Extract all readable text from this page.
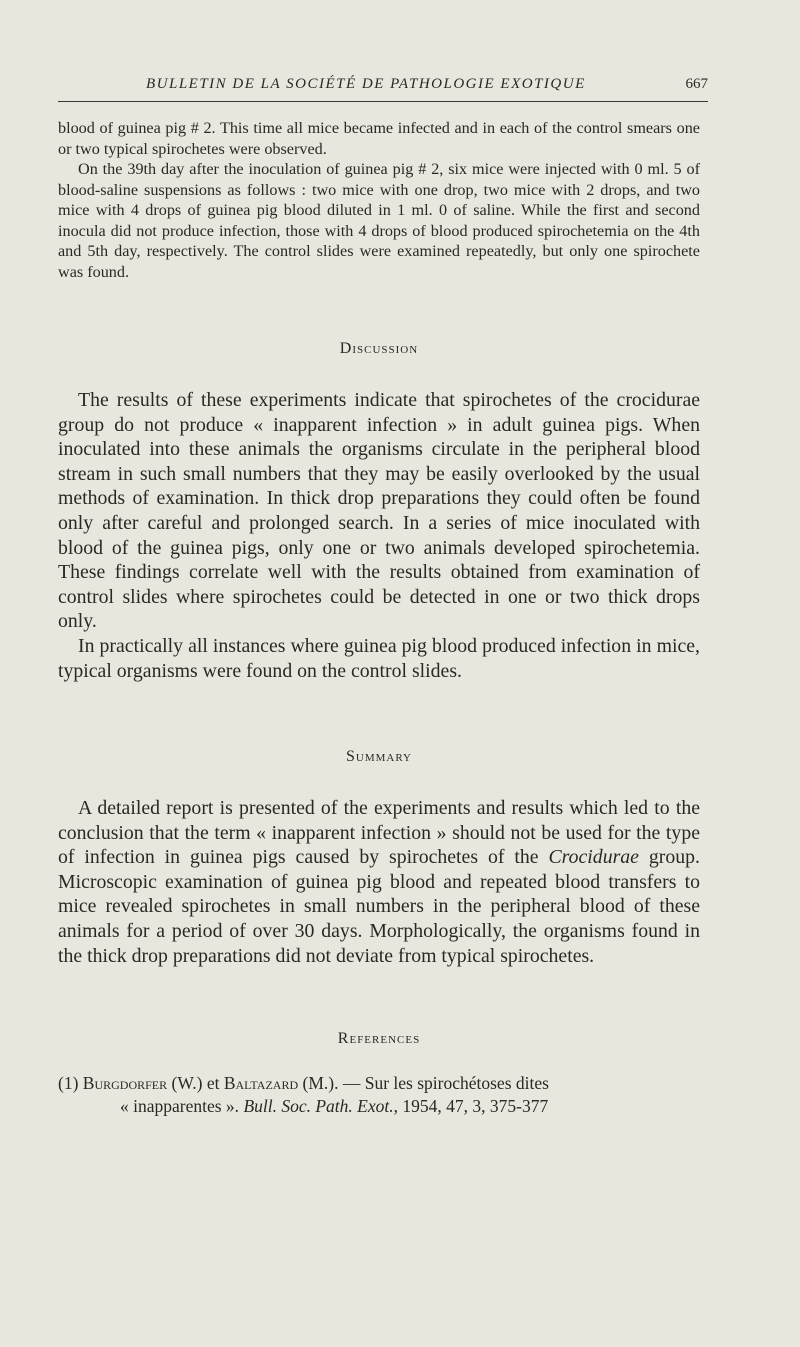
BULLETIN DE LA SOCIÉTÉ DE PATHOLOGIE EXOTIQUE	667

blood of guinea pig # 2. This time all mice became infected and in each of the control smears one or two typical spirochetes were observed.

On the 39th day after the inoculation of guinea pig # 2, six mice were injected with 0 ml. 5 of blood-saline suspensions as follows : two mice with one drop, two mice with 2 drops, and two mice with 4 drops of guinea pig blood diluted in 1 ml. 0 of saline. While the first and second inocula did not produce infection, those with 4 drops of blood produced spirochetemia on the 4th and 5th day, respectively. The control slides were examined repeatedly, but only one spirochete was found.

Discussion

The results of these experiments indicate that spirochetes of the crocidurae group do not produce « inapparent infection » in adult guinea pigs. When inoculated into these animals the organisms circulate in the peripheral blood stream in such small numbers that they may be easily overlooked by the usual methods of examination. In thick drop preparations they could often be found only after careful and prolonged search. In a series of mice inoculated with blood of the guinea pigs, only one or two animals developed spirochetemia. These findings correlate well with the results obtained from examination of control slides where spirochetes could be detected in one or two thick drops only.

In practically all instances where guinea pig blood produced infection in mice, typical organisms were found on the control slides.

Summary

A detailed report is presented of the experiments and results which led to the conclusion that the term « inapparent infection » should not be used for the type of infection in guinea pigs caused by spirochetes of the Crocidurae group. Microscopic examination of guinea pig blood and repeated blood transfers to mice revealed spirochetes in small numbers in the peripheral blood of these animals for a period of over 30 days. Morphologically, the organisms found in the thick drop preparations did not deviate from typical spirochetes.

References
(1) Burgdorfer (W.) et Baltazard (M.). — Sur les spirochétoses dites
« inapparentes ». Bull. Soc. Path. Exot., 1954, 47, 3, 375-377
